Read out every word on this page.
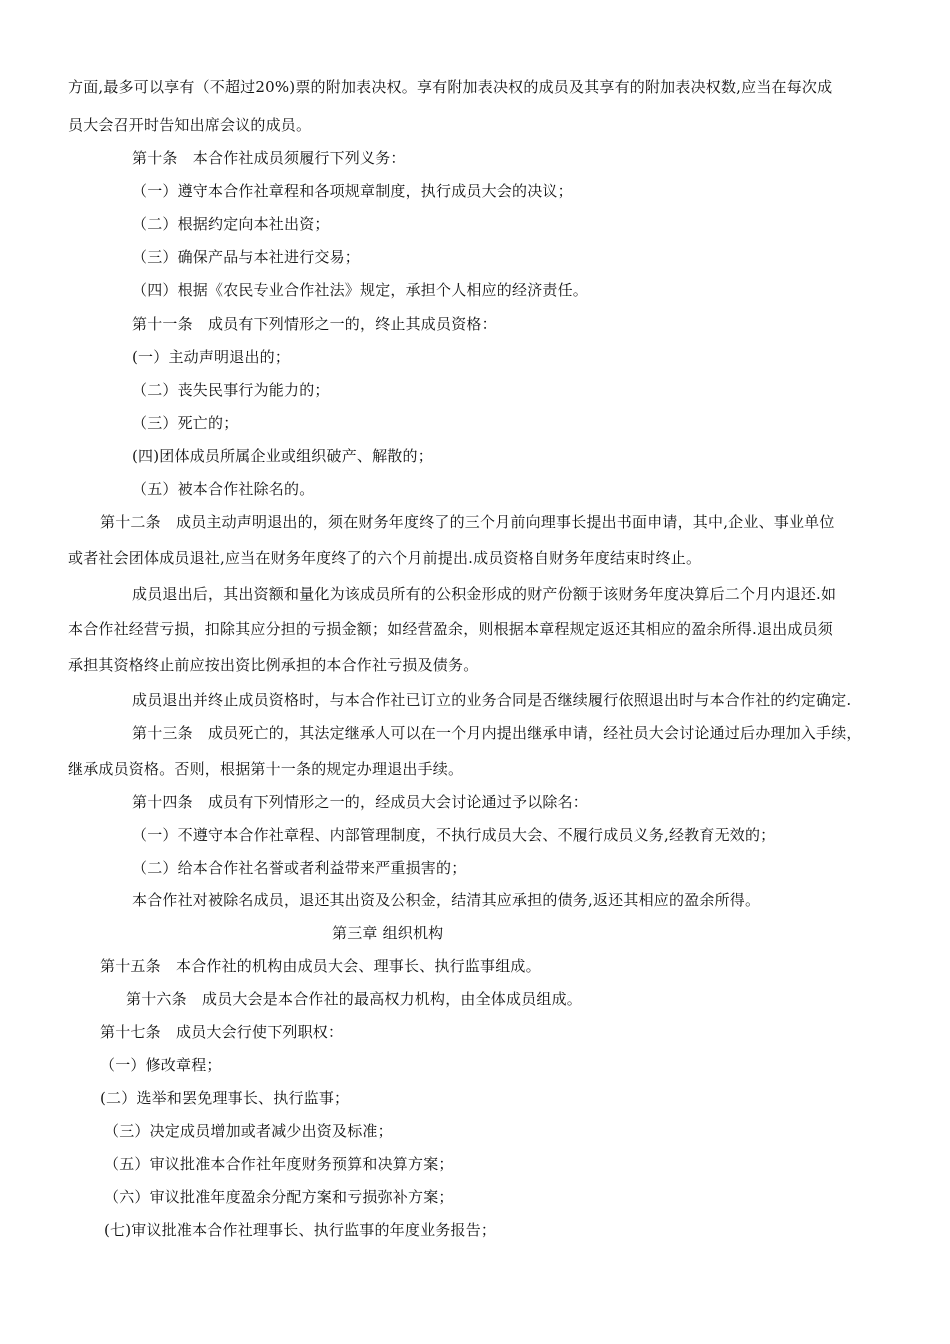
方面,最多可以享有（不超过20%)票的附加表决权。享有附加表决权的成员及其享有的附加表决权数,应当在每次成
员大会召开时告知出席会议的成员。
第十条　本合作社成员须履行下列义务：
（一）遵守本合作社章程和各项规章制度，执行成员大会的决议；
（二）根据约定向本社出资；
（三）确保产品与本社进行交易；
（四）根据《农民专业合作社法》规定，承担个人相应的经济责任。
第十一条　成员有下列情形之一的，终止其成员资格：
(一）主动声明退出的；
（二）丧失民事行为能力的；
（三）死亡的；
(四)团体成员所属企业或组织破产、解散的；
（五）被本合作社除名的。
第十二条　成员主动声明退出的，须在财务年度终了的三个月前向理事长提出书面申请，其中,企业、事业单位
或者社会团体成员退社,应当在财务年度终了的六个月前提出.成员资格自财务年度结束时终止。
成员退出后，其出资额和量化为该成员所有的公积金形成的财产份额于该财务年度决算后二个月内退还.如
本合作社经营亏损，扣除其应分担的亏损金额；如经营盈余，则根据本章程规定返还其相应的盈余所得.退出成员须
承担其资格终止前应按出资比例承担的本合作社亏损及债务。
成员退出并终止成员资格时，与本合作社已订立的业务合同是否继续履行依照退出时与本合作社的约定确定.
第十三条　成员死亡的，其法定继承人可以在一个月内提出继承申请，经社员大会讨论通过后办理加入手续，
继承成员资格。否则，根据第十一条的规定办理退出手续。
第十四条　成员有下列情形之一的，经成员大会讨论通过予以除名：
（一）不遵守本合作社章程、内部管理制度，不执行成员大会、不履行成员义务,经教育无效的；
（二）给本合作社名誉或者利益带来严重损害的；
本合作社对被除名成员，退还其出资及公积金，结清其应承担的债务,返还其相应的盈余所得。
第三章 组织机构
第十五条　本合作社的机构由成员大会、理事长、执行监事组成。
第十六条　成员大会是本合作社的最高权力机构，由全体成员组成。
第十七条　成员大会行使下列职权：
（一）修改章程；
(二）选举和罢免理事长、执行监事；
（三）决定成员增加或者减少出资及标准；
（五）审议批准本合作社年度财务预算和决算方案；
（六）审议批准年度盈余分配方案和亏损弥补方案；
(七)审议批准本合作社理事长、执行监事的年度业务报告；
